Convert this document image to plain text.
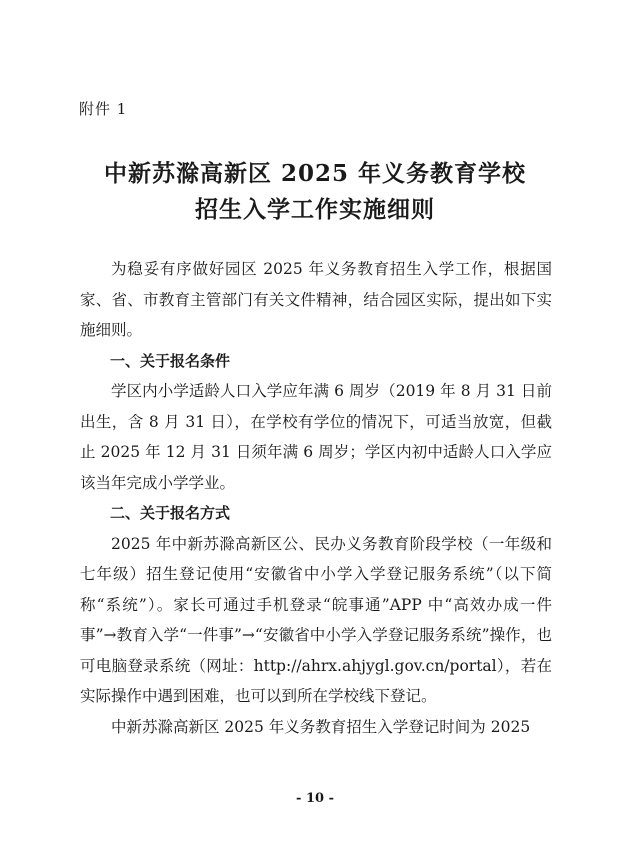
附件 1
中新苏滁高新区 2025 年义务教育学校
招生入学工作实施细则

为稳妥有序做好园区 2025 年义务教育招生入学工作，根据国家、省、市教育主管部门有关文件精神，结合园区实际，提出如下实施细则。

一、关于报名条件

学区内小学适龄人口入学应年满 6 周岁（2019 年 8 月 31 日前出生，含 8 月 31 日），在学校有学位的情况下，可适当放宽，但截止 2025 年 12 月 31 日须年满 6 周岁；学区内初中适龄人口入学应该当年完成小学学业。

二、关于报名方式

2025 年中新苏滁高新区公、民办义务教育阶段学校（一年级和七年级）招生登记使用“安徽省中小学入学登记服务系统”（以下简称“系统”）。家长可通过手机登录“皖事通”APP 中“高效办成一件事”→教育入学“一件事”→“安徽省中小学入学登记服务系统”操作，也可电脑登录系统（网址：http://ahrx.ahjygl.gov.cn/portal），若在实际操作中遇到困难，也可以到所在学校线下登记。

中新苏滁高新区 2025 年义务教育招生入学登记时间为 2025

- 10 -
